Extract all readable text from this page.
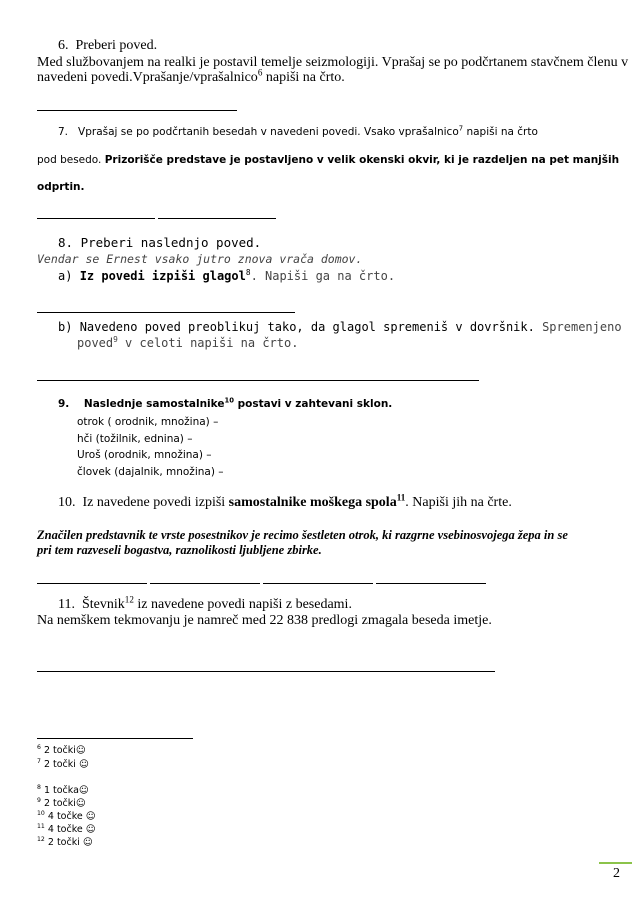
6. Preberi poved.
Med službovanjem na realki je postavil temelje seizmologiji. Vprašaj se po podčrtanem stavčnem členu v
navedeni povedi.Vprašanje/vprašalnico$^6$ napiši na črto.
7. Vprašaj se po podčrtanih besedah v navedeni povedi. Vsako vprašalnico$^7$ napiši na črto
pod besedo. Prizorišče predstave je postavljeno v velik okenski okvir, ki je razdeljen na pet manjših
odprtin.
8. Preberi naslednjo poved.
Vendar se Ernest vsako jutro znova vrača domov.
a) Iz povedi izpiši glagol$^8$. Napiši ga na črto.
b) Navedeno poved preoblikuj tako, da glagol spremeniš v dovršnik. Spremenjeno
poved$^9$ v celoti napiši na črto.
9. Naslednje samostalnike$^{10}$ postavi v zahtevani sklon.
otrok ( orodnik, množina) –
hči (tožilnik, ednina) –
Uroš (orodnik, množina) –
človek (dajalnik, množina) –
10. Iz navedene povedi izpiši samostalnike moškega spola$^{11}$. Napiši jih na črte.
Značilen predstavnik te vrste posestnikov je recimo šestleten otrok, ki razgrne vsebinosvojega žepa in se
pri tem razveseli bogastva, raznolikosti ljubljene zbirke.
11. Števnik$^{12}$ iz navedene povedi napiši z besedami.
Na nemškem tekmovanju je namreč med 22 838 predlogi zmagala beseda imetje.
$^6$ 2 točki☺
$^7$ 2 točki ☺
$^8$ 1 točka☺
$^9$ 2 točki☺
$^{10}$ 4 točke ☺
$^{11}$ 4 točke ☺
$^{12}$ 2 točki ☺
2
